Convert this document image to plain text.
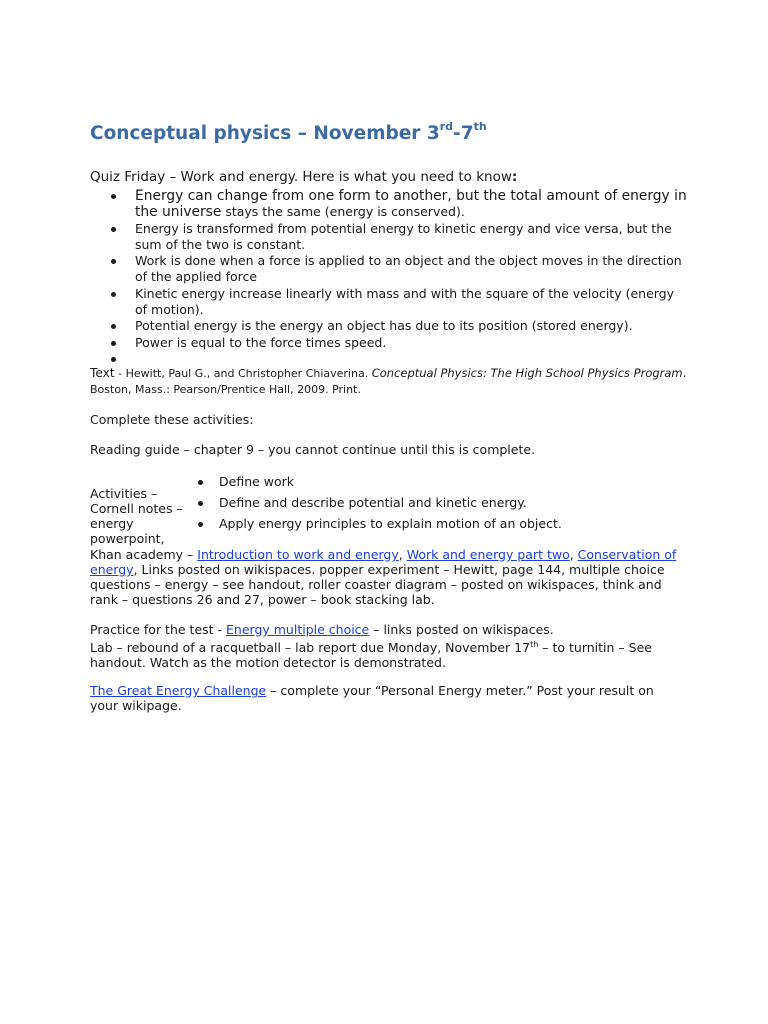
Conceptual physics – November 3rd-7th
Quiz Friday – Work and energy. Here is what you need to know:
Energy can change from one form to another, but the total amount of energy in the universe stays the same (energy is conserved).
Energy is transformed from potential energy to kinetic energy and vice versa, but the sum of the two is constant.
Work is done when a force is applied to an object and the object moves in the direction of the applied force
Kinetic energy increase linearly with mass and with the square of the velocity (energy of motion).
Potential energy is the energy an object has due to its position (stored energy).
Power is equal to the force times speed.
Text - Hewitt, Paul G., and Christopher Chiaverina. Conceptual Physics: The High School Physics Program.
Boston, Mass.: Pearson/Prentice Hall, 2009. Print.
Complete these activities:
Reading guide – chapter 9 – you cannot continue until this is complete.
Define work
Define and describe potential and kinetic energy.
Apply energy principles to explain motion of an object.
Activities – Cornell notes – energy powerpoint,
Khan academy – Introduction to work and energy, Work and energy part two, Conservation of energy, Links posted on wikispaces. popper experiment – Hewitt, page 144, multiple choice questions – energy – see handout, roller coaster diagram – posted on wikispaces, think and rank – questions 26 and 27, power – book stacking lab.
Practice for the test - Energy multiple choice – links posted on wikispaces.
Lab – rebound of a racquetball – lab report due Monday, November 17th – to turnitin – See handout. Watch as the motion detector is demonstrated.
The Great Energy Challenge – complete your “Personal Energy meter.” Post your result on your wikipage.
